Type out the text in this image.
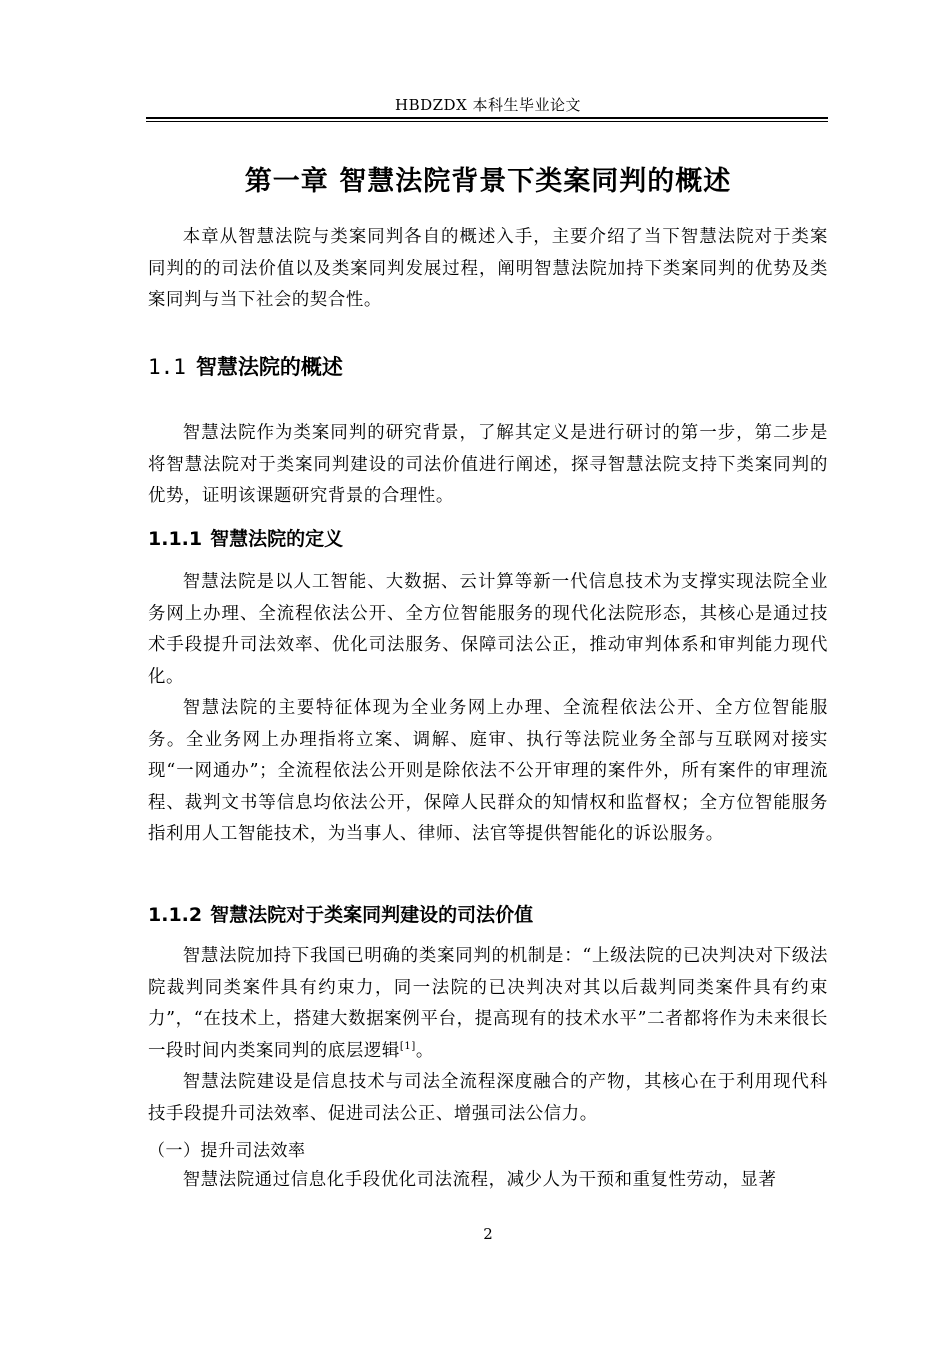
HBDZDX 本科生毕业论文
第一章 智慧法院背景下类案同判的概述

本章从智慧法院与类案同判各自的概述入手，主要介绍了当下智慧法院对于类案同判的的司法价值以及类案同判发展过程，阐明智慧法院加持下类案同判的优势及类案同判与当下社会的契合性。

1.1 智慧法院的概述

智慧法院作为类案同判的研究背景，了解其定义是进行研讨的第一步，第二步是将智慧法院对于类案同判建设的司法价值进行阐述，探寻智慧法院支持下类案同判的优势，证明该课题研究背景的合理性。

1.1.1 智慧法院的定义

智慧法院是以人工智能、大数据、云计算等新一代信息技术为支撑实现法院全业务网上办理、全流程依法公开、全方位智能服务的现代化法院形态，其核心是通过技术手段提升司法效率、优化司法服务、保障司法公正，推动审判体系和审判能力现代化。

智慧法院的主要特征体现为全业务网上办理、全流程依法公开、全方位智能服务。全业务网上办理指将立案、调解、庭审、执行等法院业务全部与互联网对接实现“一网通办”；全流程依法公开则是除依法不公开审理的案件外，所有案件的审理流程、裁判文书等信息均依法公开，保障人民群众的知情权和监督权；全方位智能服务指利用人工智能技术，为当事人、律师、法官等提供智能化的诉讼服务。

1.1.2 智慧法院对于类案同判建设的司法价值

智慧法院加持下我国已明确的类案同判的机制是：“上级法院的已决判决对下级法院裁判同类案件具有约束力，同一法院的已决判决对其以后裁判同类案件具有约束力”，“在技术上，搭建大数据案例平台，提高现有的技术水平”二者都将作为未来很长一段时间内类案同判的底层逻辑[1]。

智慧法院建设是信息技术与司法全流程深度融合的产物，其核心在于利用现代科技手段提升司法效率、促进司法公正、增强司法公信力。

（一）提升司法效率

智慧法院通过信息化手段优化司法流程，减少人为干预和重复性劳动，显著

2
